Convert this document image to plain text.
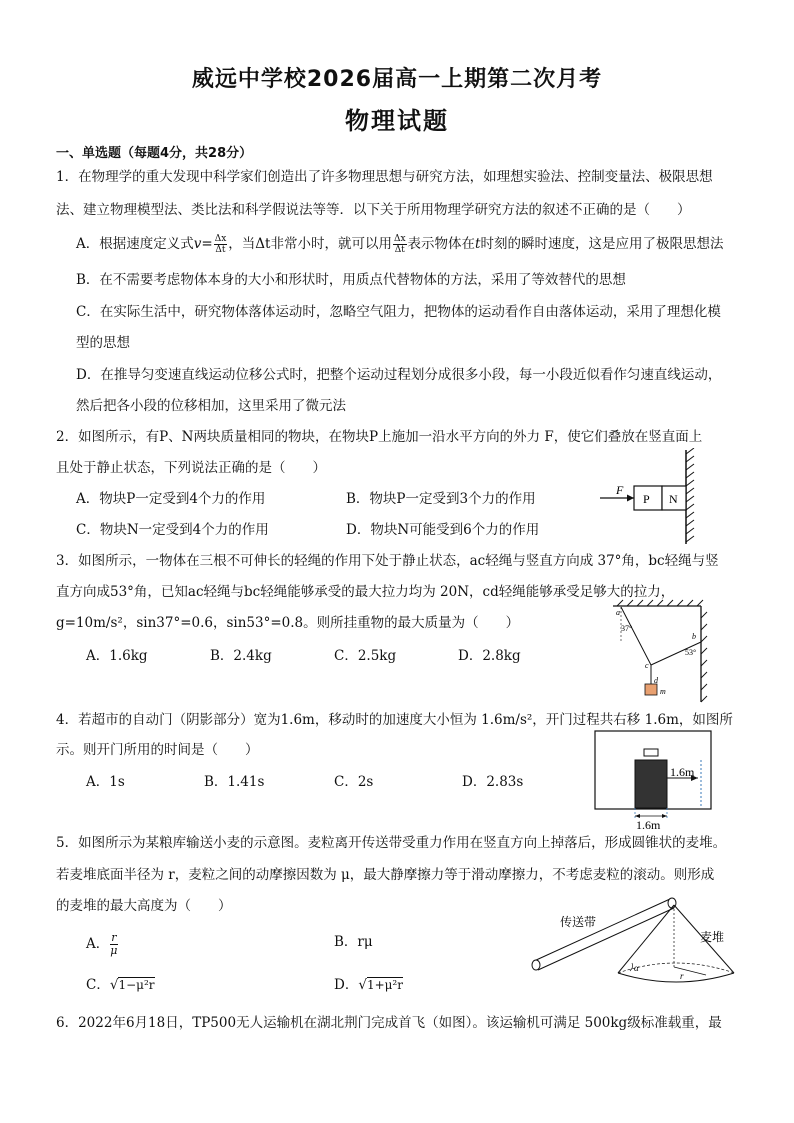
威远中学校2026届高一上期第二次月考
物理试题
一、单选题（每题4分，共28分）
1．在物理学的重大发现中科学家们创造出了许多物理思想与研究方法，如理想实验法、控制变量法、极限思想
法、建立物理模型法、类比法和科学假说法等等．以下关于所用物理学研究方法的叙述不正确的是（　　）
A．根据速度定义式$v= \frac{\Delta x}{\Delta t}$ ，当Δt非常小时，就可以用 $\frac{\Delta x}{\Delta t}$ 表示物体在t时刻的瞬时速度，这是应用了极限思想法
B．在不需要考虑物体本身的大小和形状时，用质点代替物体的方法，采用了等效替代的思想
C．在实际生活中，研究物体落体运动时，忽略空气阻力，把物体的运动看作自由落体运动，采用了理想化模
型的思想
D．在推导匀变速直线运动位移公式时，把整个运动过程划分成很多小段，每一小段近似看作匀速直线运动，
然后把各小段的位移相加，这里采用了微元法
2．如图所示，有P、N两块质量相同的物块，在物块P上施加一沿水平方向的外力 F，使它们叠放在竖直面上
且处于静止状态，下列说法正确的是（　　）
A．物块P一定受到4个力的作用	B．物块P一定受到3个力的作用
C．物块N一定受到4个力的作用	D．物块N可能受到6个力的作用
F
P N
3．如图所示，一物体在三根不可伸长的轻绳的作用下处于静止状态，ac轻绳与竖直方向成 37°角，bc轻绳与竖
直方向成53°角，已知ac轻绳与bc轻绳能够承受的最大拉力均为 20N，cd轻绳能够承受足够大的拉力，
g=10m/s²，sin37°=0.6，sin53°=0.8。则所挂重物的最大质量为（　　）
A．1.6kg	B．2.4kg	C．2.5kg	D．2.8kg
a
37°
b
53°
c
d
m
4．若超市的自动门（阴影部分）宽为1.6m，移动时的加速度大小恒为 1.6m/s²，开门过程共右移 1.6m，如图所
示。则开门所用的时间是（　　）
A．1s	B．1.41s	C．2s	D．2.83s
1.6m
1.6m
5．如图所示为某粮库输送小麦的示意图。麦粒离开传送带受重力作用在竖直方向上掉落后，形成圆锥状的麦堆。
若麦堆底面半径为 r，麦粒之间的动摩擦因数为 μ，最大静摩擦力等于滑动摩擦力，不考虑麦粒的滚动。则形成
的麦堆的最大高度为（　　）
A． $\frac{r}{\mu}$	B．rμ
C．√1−μ²r	D．√1+μ²r
传送带
麦堆
α
r
6．2022年6月18日，TP500无人运输机在湖北荆门完成首飞（如图）。该运输机可满足 500kg级标准载重，最
